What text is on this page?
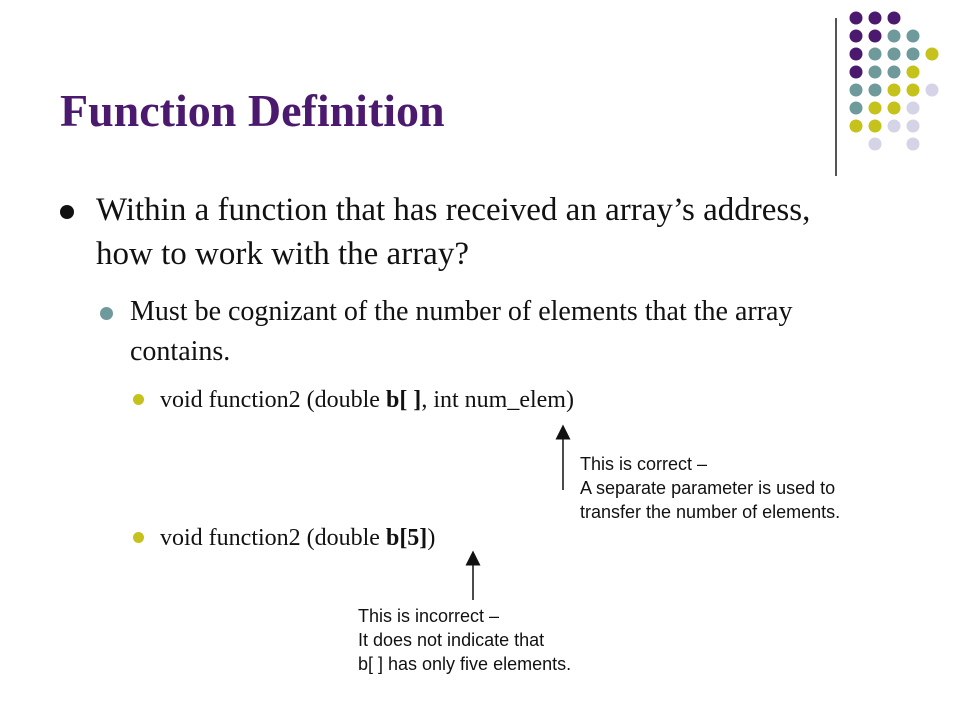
Function Definition
Within a function that has received an array’s address, how to work with the array?
Must be cognizant of the number of elements that the array contains.
void function2 (double b[ ], int num_elem)
void function2 (double b[5])
This is correct –
A separate parameter is used to
transfer the number of elements.
This is incorrect –
It does not indicate that
b[ ] has only five elements.
